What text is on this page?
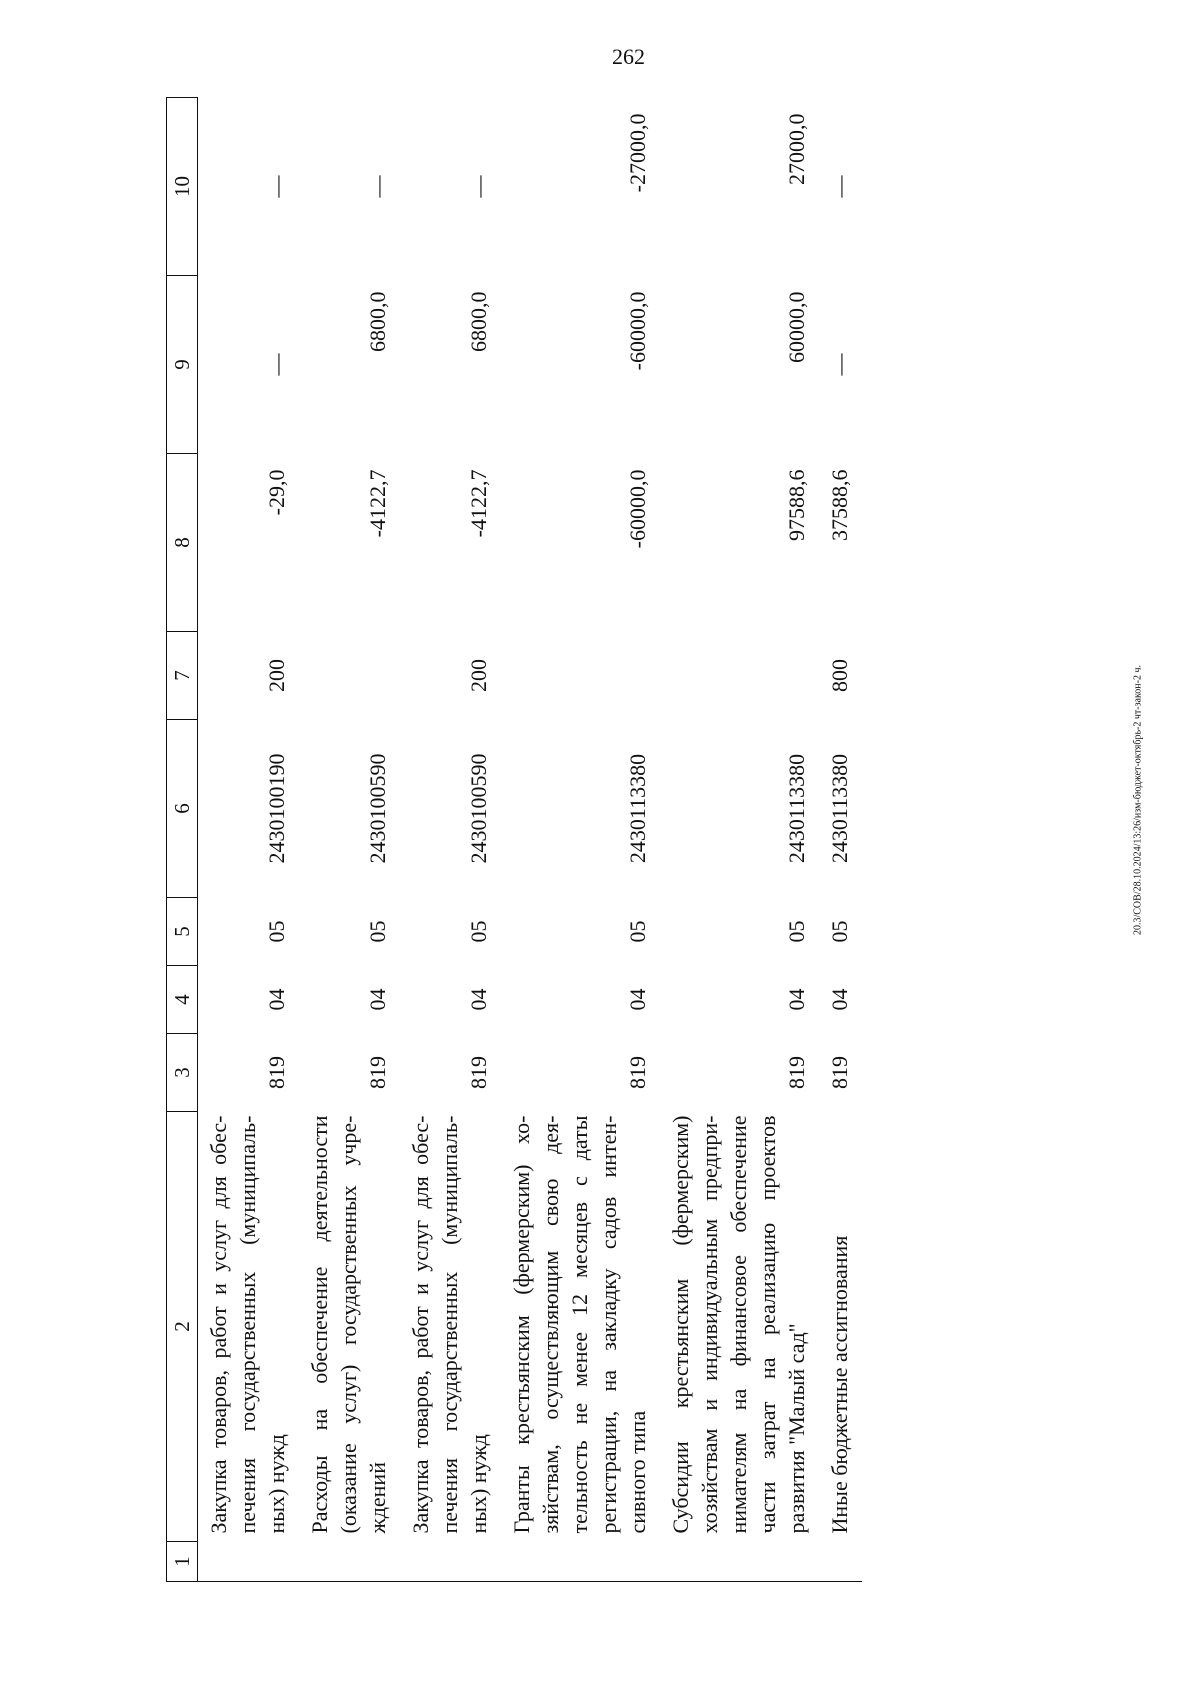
262
20.3/СОВ/28.10.2024/13:26/изм-бюджет-октябрь-2 чт-закон-2 ч.
1	2	3	4	5	6	7	8	9	10
	Закупка товаров, работ и услуг для обес-печения государственных (муниципаль-ных) нужд	819	04	05	2430100190	200	-29,0	—	—
	Расходы на обеспечение деятельности (оказание услуг) государственных учре-ждений	819	04	05	2430100590		-4122,7	6800,0	—
	Закупка товаров, работ и услуг для обес-печения государственных (муниципаль-ных) нужд	819	04	05	2430100590	200	-4122,7	6800,0	—
	Гранты крестьянским (фермерским) хо-зяйствам, осуществляющим свою дея-тельность не менее 12 месяцев с даты регистрации, на закладку садов интен-сивного типа	819	04	05	2430113380		-60000,0	-60000,0	-27000,0
	Субсидии крестьянским (фермерским) хозяйствам и индивидуальным предпри-нимателям на финансовое обеспечение части затрат на реализацию проектов развития "Малый сад"	819	04	05	2430113380		97588,6	60000,0	27000,0
	Иные бюджетные ассигнования	819	04	05	2430113380	800	37588,6	—	—
